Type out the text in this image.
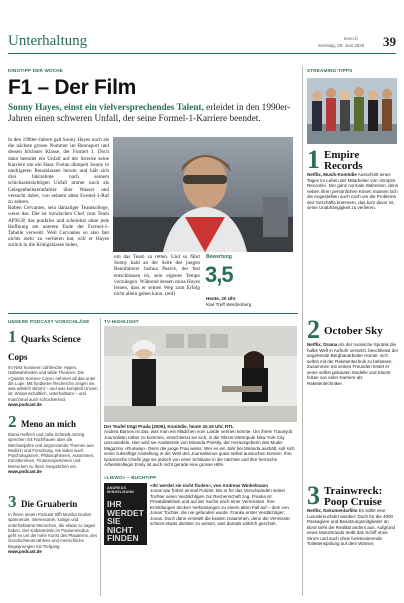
Unterhaltung	tewo.li
Sonntag, 29. Juni 2025 39
KINOTIPP DER WOCHE
F1 – Der Film
Sonny Hayes, einst ein vielversprechendes Talent, erleidet in den 1990er-Jahren einen schweren Unfall, der seine Formel-1-Karriere beendet.
In den 1990er-Jahren galt Sonny Hayes noch als die nächste grosse Nummer im Rennsport und dessen höchster Klasse, der Formel 1. Doch dann beendet ein Unfall auf der Strecke seine Karriere um ein Haar. Fortan dümpelt Sonny in niedrigeren Rennklassen herum und hält sich drei Jahrzehnte nach seinem schicksalsträchtigen Unfall immer noch als Gelegenheitsrennfahrer über Wasser und versucht dabei, von seinem alten Formel-1-Ruf zu zehren.
Ruben Cervantes, sein damaliger Teamkollege, weiss das. Der ist inzwischen Chef vom Team APXGP, das punktlos und scheinbar ohne jede Hoffnung am unteren Ende der Formel-1-Tabelle verweilt. Weil Cervantes so also fast nichts mehr zu verlieren hat, will er Hayes zurück in die Königsklasse holen,
um das Team zu retten. Und so fährt Sonny bald an der Seite des jungen Rennfahrers Joshua Pearce, der fest entschlossen ist, sein eigenes Tempo vorzulegen. Während dessen muss Hayes lernen, dass er seinen Weg zum Erfolg nicht allein gehen kann. (red)
Bewertung
3,5
Heute, 20 Uhr
Kiwi Treff Werdenberg
UNSERE PODCAST-VORSCHLÄGE
1 Quarks Science Cops
Im Netz kursieren zahlreiche Hypes, Halbwahrheiten und wilde Theorien. Die «Quarks Science Cops» nehmen all das unter die Lupe. Mit fundierter Recherche zeigen sie, was wirklich stimmt – und was komplett Unsinn ist. Wissenschaftlich, unterhaltsam – und manchmal auch schockierend.
www.podcast.de
2 Meno an mich
Diana Helfrich und Julia Schmidt-Jortzig sprechen mit Fachfrauen über die Wechseljahre und angrenzende Themen aus Medizin und Forschung. Sie laden auch Psychologinnen, Philosophinnen, Autorinnen, Künstlerinnen, Finanzexpertinnen und Menschen zu ihren Gesprächen ein.
www.podcast.de
3 Die Gruaberin
In ihrem neuen Podcast trifft Monika Gruber spannende, interessante, lustige und unterhaltsame Menschen, die etwas zu sagen haben. Der Kabarettistin im Pausenmodus geht es um die hohe Kunst des Plauderns, des Geschichtenerzählens und menschliche Begegnungen mit Tiefgang.
www.podcast.de
TV-HIGHLIGHT
Der Teufel trägt Prada (2006), Komödie, heute 20.15 Uhr, RTL
Andrea Barnes ist das, was man ein Mädchen vom Lande nennen könnte. Um ihrem Traumjob Journalistin näher zu kommen, entschliesst sie sich, in die Glitzer-Metropole New York City umzusiedeln. Hier wird sie Assistentin von Miranda Priestly, der Herausgeberin des Mode-Magazins «Runway». Denn die junge Frau weiss: Wer es ein Jahr bei Miranda aushält, soll sich seine zukünftige Anstellung in der Welt des Journalismus quasi selbst aussuchen können. Ihre tyrannische Chefin jagt sie jedoch von einer Schikane in die nächste und ihre herrische Arbeitskollegin Emily ist auch nicht gerade eine grosse Hilfe.
«LIEWO» – BUCHTIPP
ANDREAS WINKELMANN
IHR
WERDET
SIE
NICHT
FINDEN
«Ihr werdet sie nicht finden», von Andreas Winkelmann
Jonas war früher einmal Polizist. Bis er für das Verschwinden seiner Tochter einen Verdächtigen zur Rechenschaft zog. Franka ist Privatdetektivin und auf der Suche nach einer Vermissten. Ihre Ermittlungen decken Verbindungen zu einem alten Fall auf – dem von Jonas' Tochter, die nie gefunden wurde. Franka erster Verdächtiger: Jonas. Doch dann ermittelt die beiden zusammen, denn die Vermisste scheint etwas darüber zu wissen, was damals wirklich geschah.
STREAMING-TIPPS
1 Empire Records
Netflix, Musik-Komödie Ausschnitt eines Tages im Leben der Mitarbeiter von «Empire Records». Der ganz normale Wahnsinn, denn neben ihren persönlichen Krisen müssen sich die Angestellten auch noch um die Probleme des Geschäfts kümmern, das kurz davor ist, seine Unabhängigkeit zu verlieren.
2 October Sky
Netflix, Drama Als der russische Sputnik die halbe Welt in Aufruhr versetzt, beschliesst der angehende Bergbauarbeiter Homer, sich selbst mit der Raketentechnik zu befassen. Zusammen mit seinen Freunden testet er seine selbst gebauten Modelle und träumt fortan von einer Karriere als Raketentechniker.
3 Trainwreck: Poop Cruise
Netflix, Dokumentarfilm Es sollte eine Luxuskreuzfahrt werden: Doch für die 4000 Passagiere und Besatzungsmitglieder an Bord sieht die Realität anders aus. Aufgrund eines Motorbrands treibt das Schiff ohne Strom und auch ohne funktionierende Toilettenspülung auf dem Wasser.
